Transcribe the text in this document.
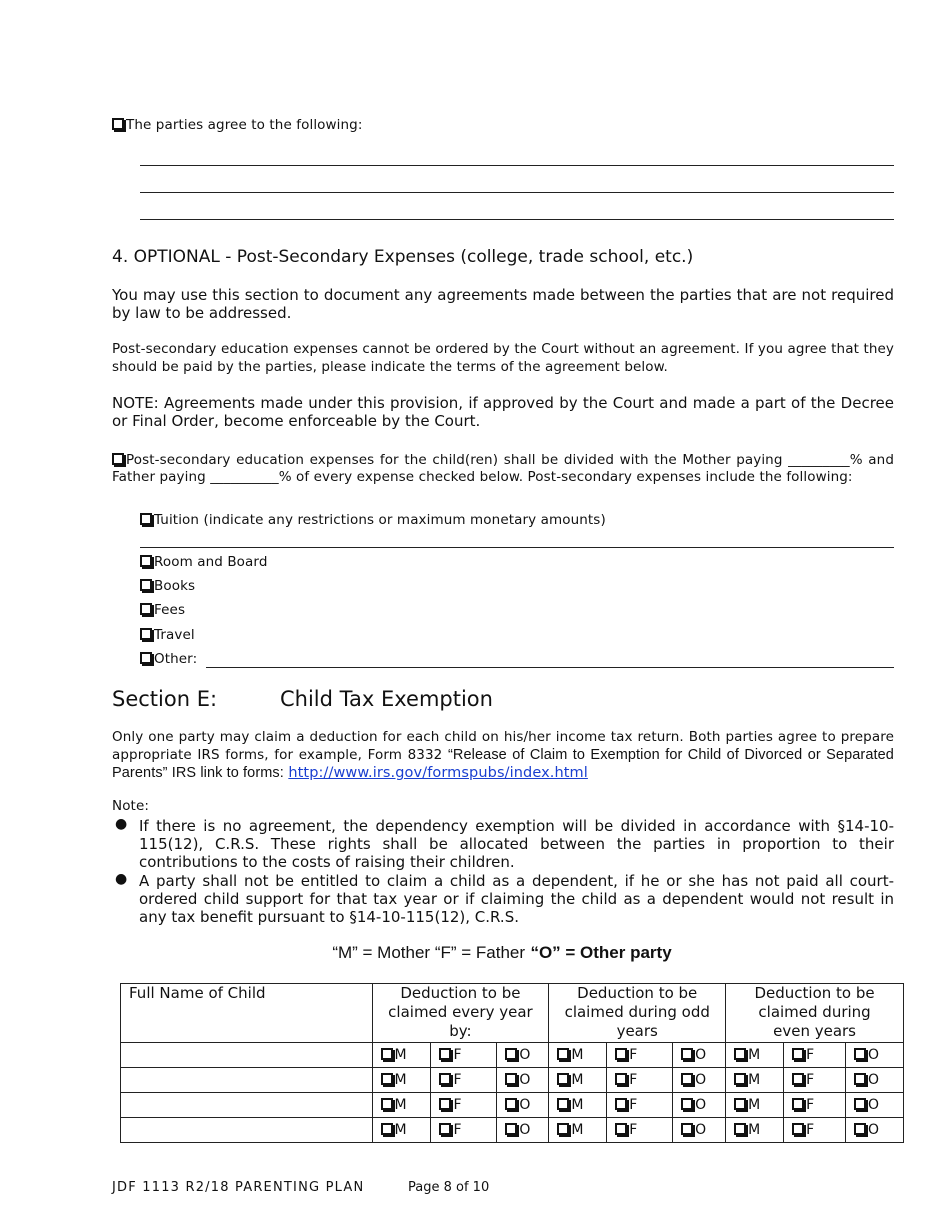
The parties agree to the following:
4. OPTIONAL - Post-Secondary Expenses (college, trade school, etc.)
You may use this section to document any agreements made between the parties that are not required by law to be addressed.
Post-secondary education expenses cannot be ordered by the Court without an agreement. If you agree that they should be paid by the parties, please indicate the terms of the agreement below.
NOTE: Agreements made under this provision, if approved by the Court and made a part of the Decree or Final Order, become enforceable by the Court.
Post-secondary education expenses for the child(ren) shall be divided with the Mother paying _________% and
Father paying __________% of every expense checked below. Post-secondary expenses include the following:
Tuition (indicate any restrictions or maximum monetary amounts)
Room and Board
Books
Fees
Travel
Other:
Section E:	Child Tax Exemption
Only one party may claim a deduction for each child on his/her income tax return. Both parties agree to prepare appropriate IRS forms, for example, Form 8332 “Release of Claim to Exemption for Child of Divorced or Separated Parents” IRS link to forms: http://www.irs.gov/formspubs/index.html
Note:
● If there is no agreement, the dependency exemption will be divided in accordance with §14-10-115(12), C.R.S. These rights shall be allocated between the parties in proportion to their contributions to the costs of raising their children.
● A party shall not be entitled to claim a child as a dependent, if he or she has not paid all court-ordered child support for that tax year or if claiming the child as a dependent would not result in any tax benefit pursuant to §14-10-115(12), C.R.S.
“M” = Mother “F” = Father “O” = Other party
Full Name of Child	Deduction to be claimed every year by:			Deduction to be claimed during odd years			Deduction to be claimed during even years		
	M	F	O	M	F	O	M	F	O
	M	F	O	M	F	O	M	F	O
	M	F	O	M	F	O	M	F	O
	M	F	O	M	F	O	M	F	O
JDF 1113 R2/18 PARENTING PLAN	Page 8 of 10
